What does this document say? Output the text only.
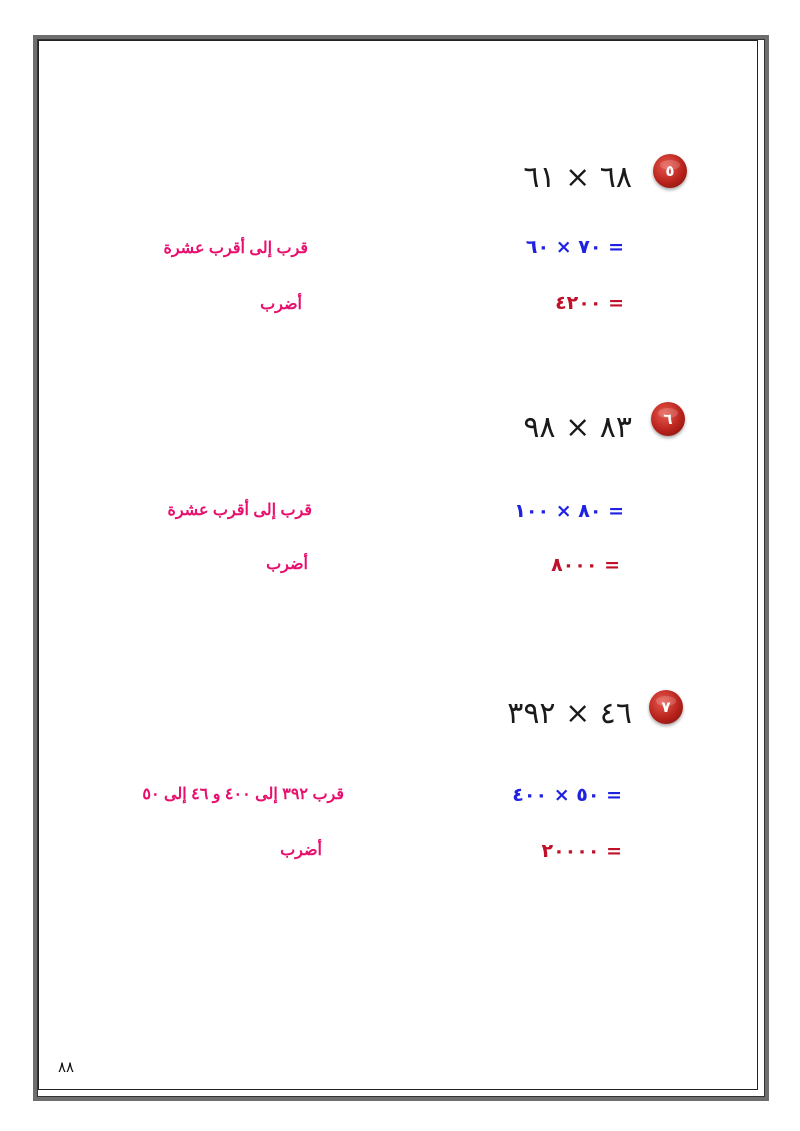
٥
٦٨ × ٦١
= ٧٠ × ٦٠
قرب إلى أقرب عشرة
= ٤٢٠٠
أضرب
٦
٨٣ × ٩٨
= ٨٠ × ١٠٠
قرب إلى أقرب عشرة
= ٨٠٠٠
أضرب
٧
٤٦ × ٣٩٢
= ٥٠ × ٤٠٠
قرب ٣٩٢ إلى ٤٠٠ و ٤٦ إلى ٥٠
= ٢٠٠٠٠
أضرب
٨٨
